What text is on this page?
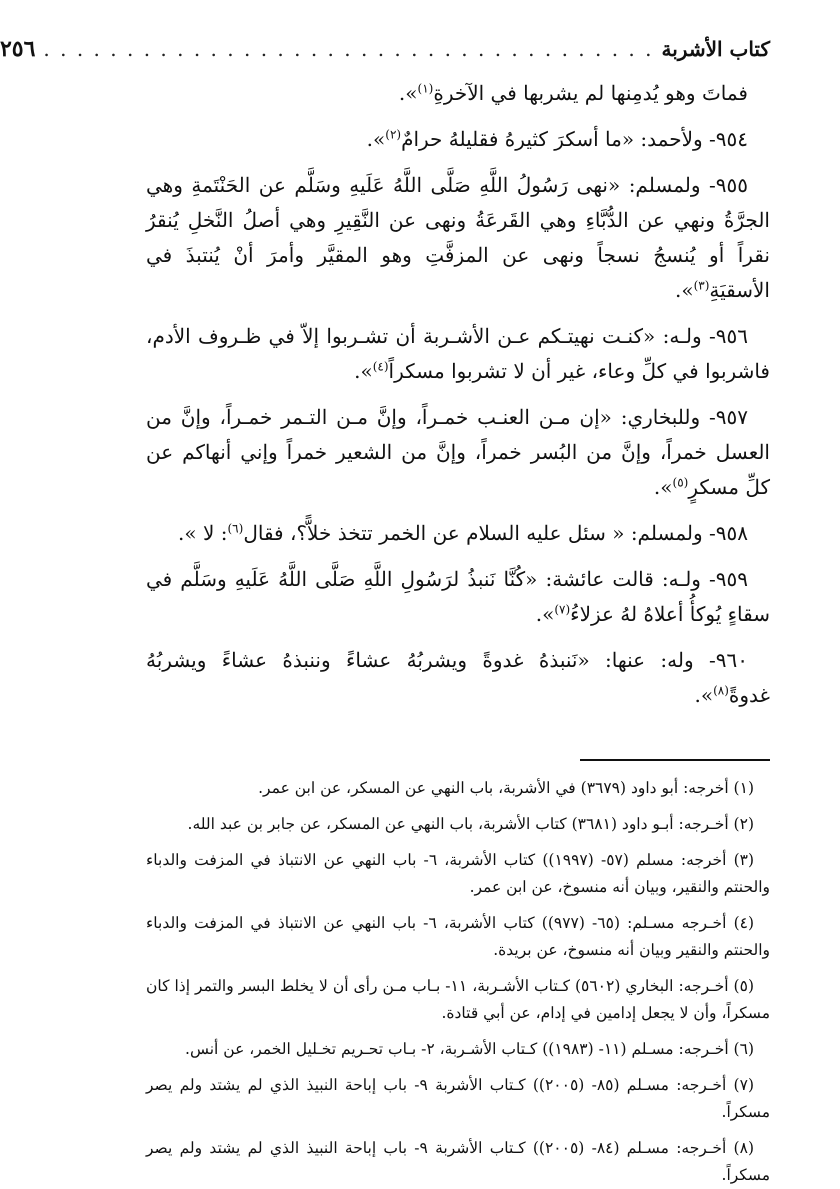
كتاب الأشربة
. . . . . . . . . . . . . . . . . . . . . . . . . . . . . . . . . . . . .
٢٥٦

فماتَ وهو يُدمِنها لم يشربها في الآخرةِ$^{(١)}$».

٩٥٤- ولأحمد: «ما أسكرَ كثيرهُ فقليلهُ حرامٌ$^{(٢)}$».

٩٥٥- ولمسلم: «نهى رَسُولُ اللَّهِ صَلَّى اللَّهُ عَلَيهِ وسَلَّم عن الحَنْتَمةِ وهي الجرَّةُ ونهي عن الدُّبَّاءِ وهي القَرعَةُ ونهى عن النَّقِيرِ وهي أصلُ النَّخلِ يُنقرُ نقراً أو يُنسجُ نسجاً ونهى عن المزفَّتِ وهو المقيَّر وأمرَ أنْ يُنتبذَ في الأسقيَةِ$^{(٣)}$».

٩٥٦- ولـه: «كنـت نهيتـكم عـن الأشـربة أن تشـربوا إلاّ في ظـروف الأدم، فاشربوا في كلِّ وعاء، غير أن لا تشربوا مسكراً$^{(٤)}$».

٩٥٧- وللبخاري: «إن مـن العنـب خمـراً، وإنَّ مـن التـمر خمـراً، وإنَّ من العسل خمراً، وإنَّ من البُسر خمراً، وإنَّ من الشعير خمراً وإني أنهاكم عن كلِّ مسكرٍ$^{(٥)}$».

٩٥٨- ولمسلم: « سئل عليه السلام عن الخمر تتخذ خلاًّ؟، فقال$^{(٦)}$: لا ».

٩٥٩- ولـه: قالت عائشة: «كُنَّا نَنبذُ لرَسُولِ اللَّهِ صَلَّى اللَّهُ عَلَيهِ وسَلَّم في سقاءٍ يُوكأُ أعلاهُ لهُ عزلاءُ$^{(٧)}$».

٩٦٠- وله: عنها: «نَنبذهُ غدوةً ويشربُهُ عشاءً وننبذهُ عشاءً ويشربُهُ غدوةً$^{(٨)}$».

(١) أخرجه: أبو داود (٣٦٧٩) في الأشربة، باب النهي عن المسكر، عن ابن عمر.

(٢) أخـرجه: أبـو داود (٣٦٨١) كتاب الأشربة، باب النهي عن المسكر، عن جابر بن عبد الله.

(٣) أخرجه: مسلم (٥٧- (١٩٩٧)) كتاب الأشربة، ٦- باب النهي عن الانتباذ في المزفت والدباء والحنتم والنقير، وبيان أنه منسوخ، عن ابن عمر.

(٤) أخـرجه مسـلم: (٦٥- (٩٧٧)) كتاب الأشربة، ٦- باب النهي عن الانتباذ في المزفت والدباء والحنتم والنقير وبيان أنه منسوخ، عن بريدة.

(٥) أخـرجه: البخاري (٥٦٠٢) كـتاب الأشـربة، ١١- بـاب مـن رأى أن لا يخلط البسر والتمر إذا كان مسكراً، وأن لا يجعل إدامين في إدام، عن أبي قتادة.

(٦) أخـرجه: مسـلم (١١- (١٩٨٣)) كـتاب الأشـربة، ٢- بـاب تحـريم تخـليل الخمر، عن أنس.

(٧) أخـرجه: مسـلم (٨٥- (٢٠٠٥)) كـتاب الأشربة ٩- باب إباحة النبيذ الذي لم يشتد ولم يصر مسكراً.

(٨) أخـرجه: مسـلم (٨٤- (٢٠٠٥)) كـتاب الأشربة ٩- باب إباحة النبيذ الذي لم يشتد ولم يصر مسكراً.
